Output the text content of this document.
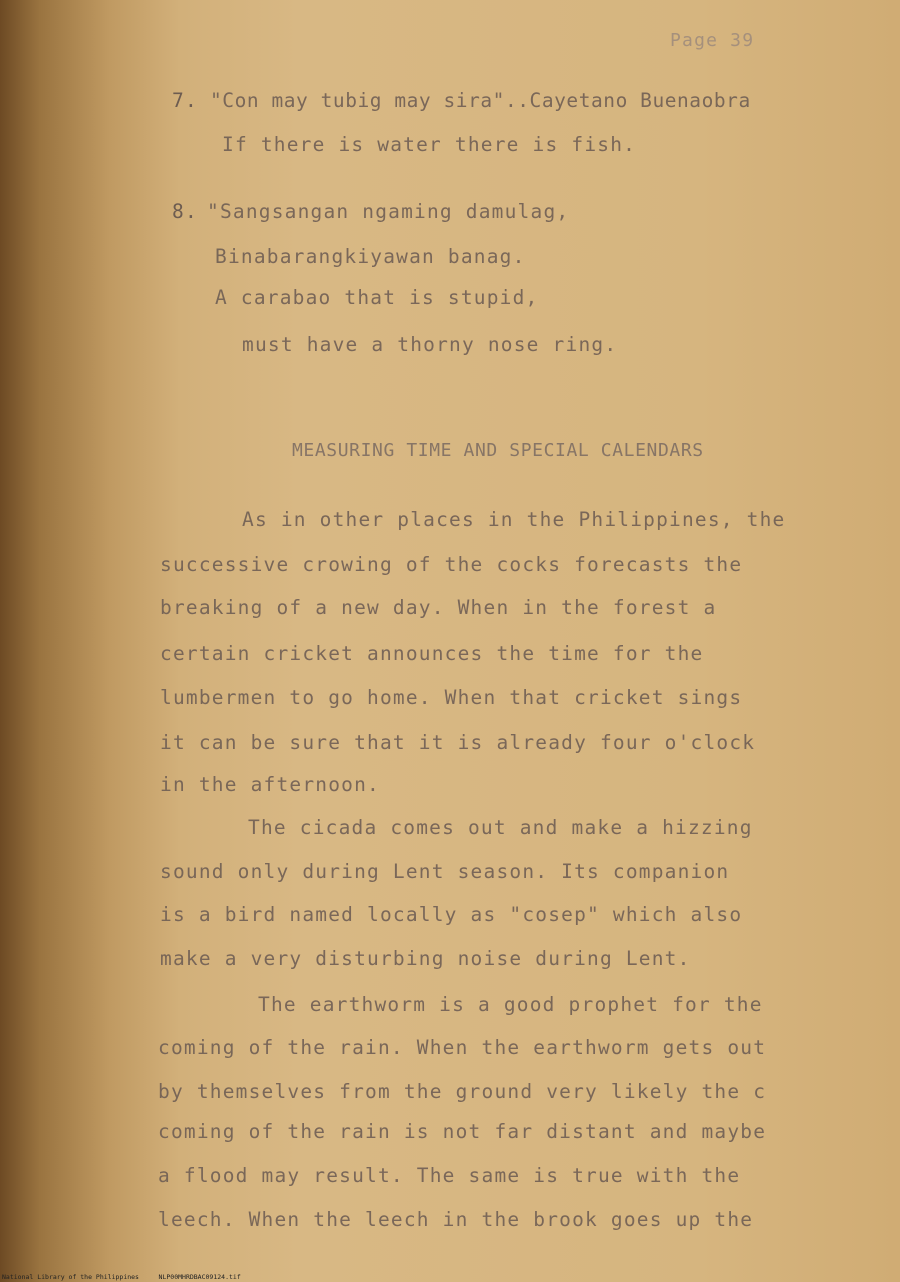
Page 39
7. "Con may tubig may sira"..Cayetano Buenaobra
If there is water there is fish.
8. "Sangsangan ngaming damulag,
Binabarangkiyawan banag.
A carabao that is stupid,
must have a thorny nose ring.
MEASURING TIME AND SPECIAL CALENDARS
As in other places in the Philippines, the
successive crowing of the cocks forecasts the
breaking of a new day. When in the forest a
certain cricket announces the time for the
lumbermen to go home. When that cricket sings
it can be sure that it is already four o'clock
in the afternoon.
The cicada comes out and make a hizzing
sound only during Lent season. Its companion
is a bird named locally as "cosep" which also
make a very disturbing noise during Lent.
The earthworm is a good prophet for the
coming of the rain. When the earthworm gets out
by themselves from the ground very likely the c
coming of the rain is not far distant and maybe
a flood may result. The same is true with the
leech. When the leech in the brook goes up the
National Library of the Philippines	NLP00MHRDBAC09124.tif
